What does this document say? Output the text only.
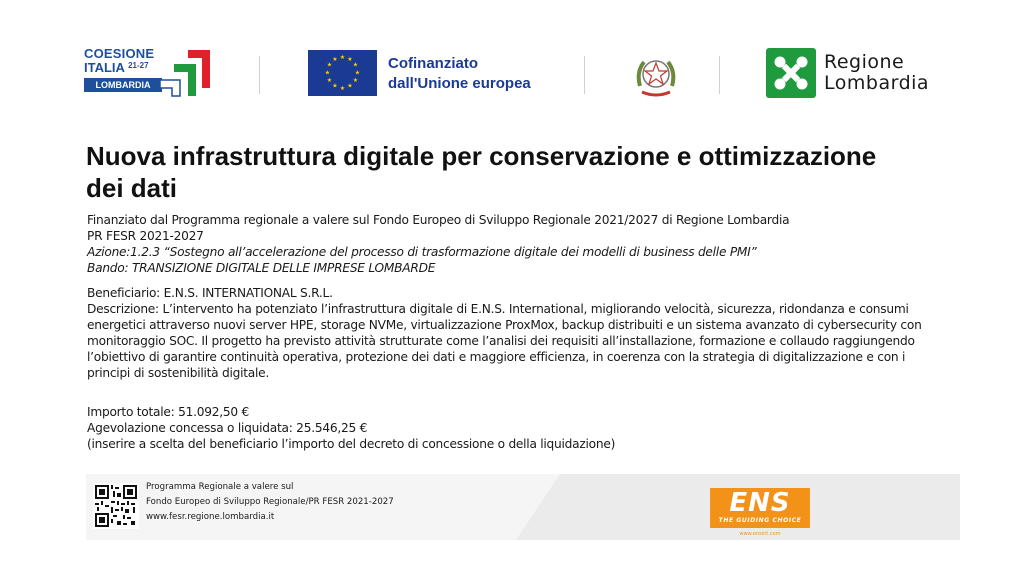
COESIONE
ITALIA $^{21-27}$
LOMBARDIA
★ ★
★
★
★
★
★
★
★
★
★
★	Cofinanziato
dall'Unione europea
Regione
Lombardia
Nuova infrastruttura digitale per conservazione e ottimizzazione dei dati
Finanziato dal Programma regionale a valere sul Fondo Europeo di Sviluppo Regionale 2021/2027 di Regione Lombardia
PR FESR 2021-2027
Azione:1.2.3 “Sostegno all’accelerazione del processo di trasformazione digitale dei modelli di business delle PMI”
Bando: TRANSIZIONE DIGITALE DELLE IMPRESE LOMBARDE
Beneficiario: E.N.S. INTERNATIONAL S.R.L.
Descrizione: L’intervento ha potenziato l’infrastruttura digitale di E.N.S. International, migliorando velocità, sicurezza, ridondanza e consumi energetici attraverso nuovi server HPE, storage NVMe, virtualizzazione ProxMox, backup distribuiti e un sistema avanzato di cybersecurity con monitoraggio SOC. Il progetto ha previsto attività strutturate come l’analisi dei requisiti all’installazione, formazione e collaudo raggiungendo l’obiettivo di garantire continuità operativa, protezione dei dati e maggiore efficienza, in coerenza con la strategia di digitalizzazione e con i principi di sostenibilità digitale.
Importo totale: 51.092,50 €
Agevolazione concessa o liquidata: 25.546,25 €
(inserire a scelta del beneficiario l’importo del decreto di concessione o della liquidazione)
Programma Regionale a valere sul
Fondo Europeo di Sviluppo Regionale/PR FESR 2021-2027
www.fesr.regione.lombardia.it	ENS
THE GUIDING CHOICE
www.ensint.com
